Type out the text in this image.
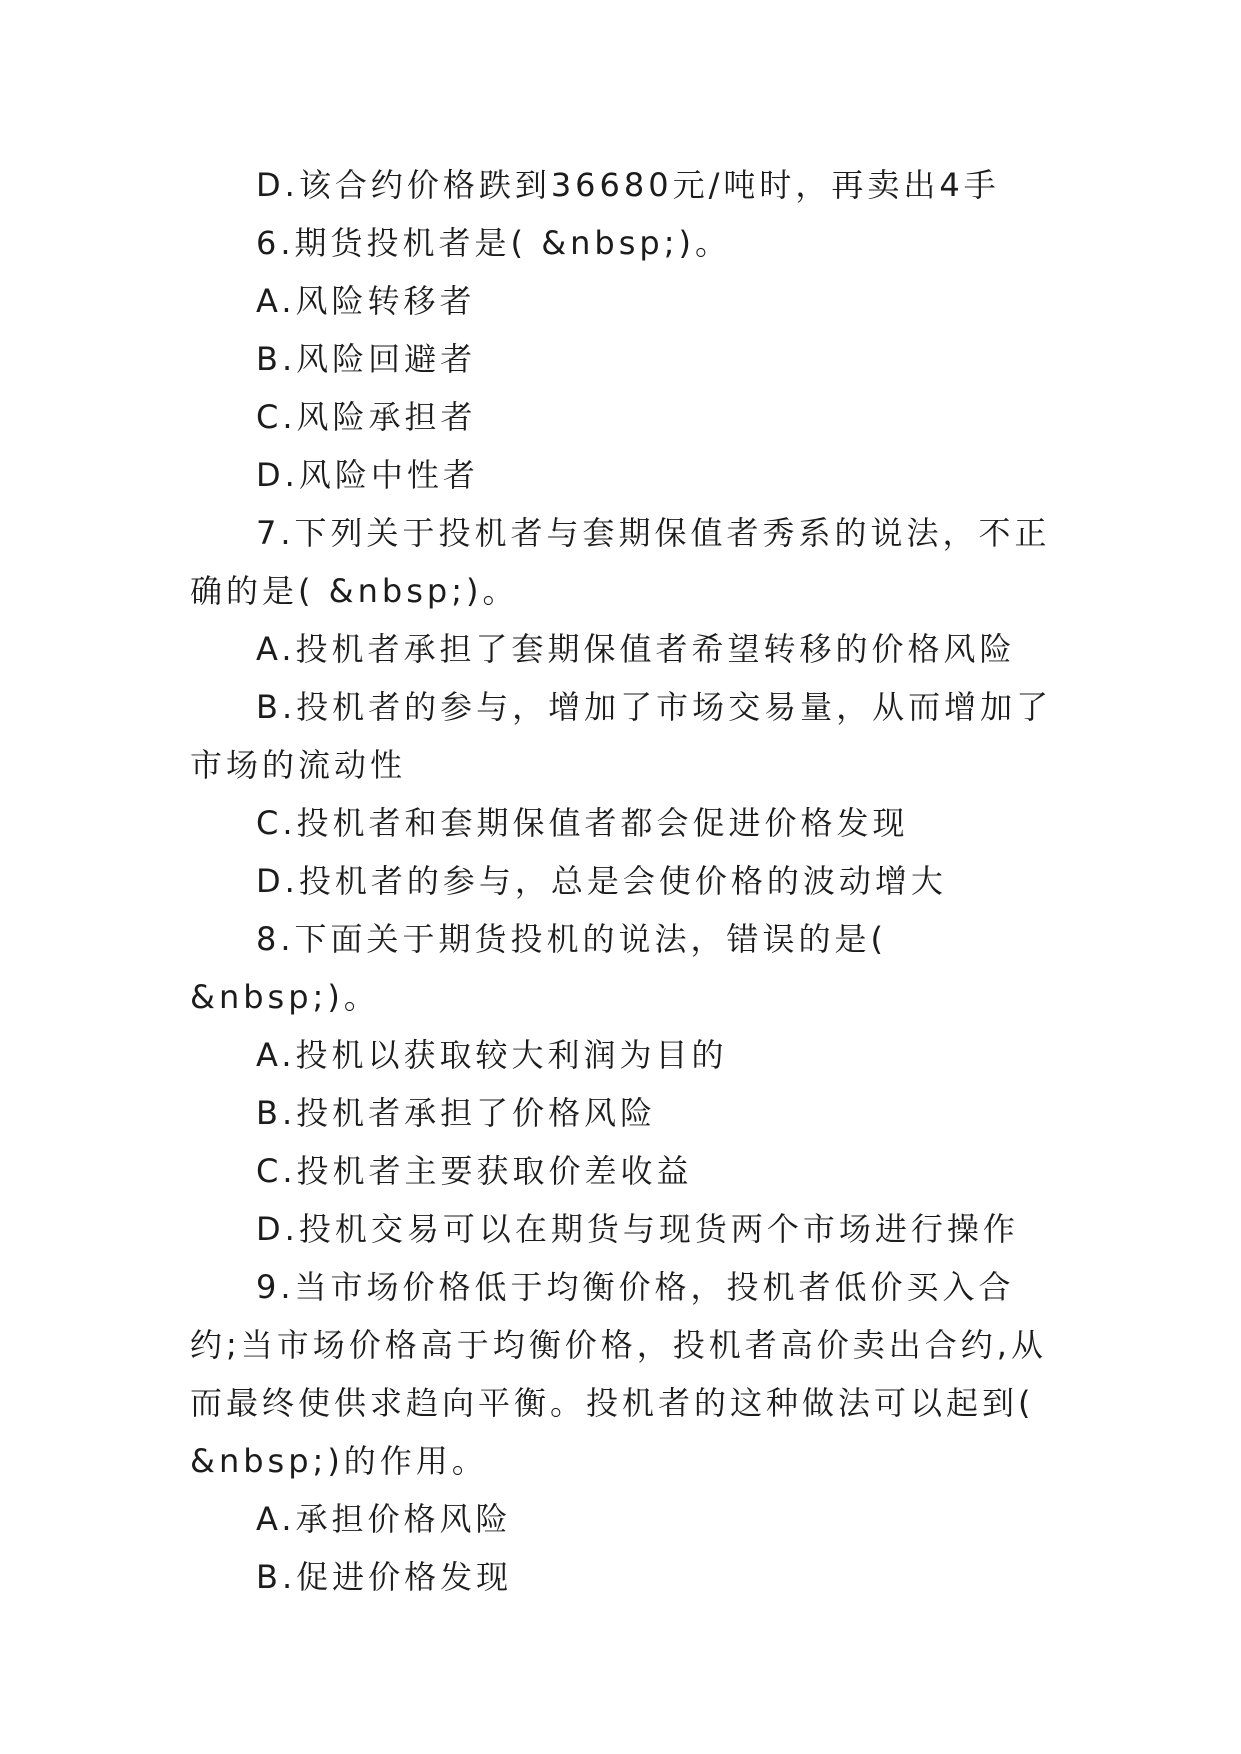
D.该合约价格跌到36680元/吨时，再卖出4手

6.期货投机者是( &nbsp;)。

A.风险转移者

B.风险回避者

C.风险承担者

D.风险中性者

7.下列关于投机者与套期保值者秀系的说法，不正确的是( &nbsp;)。

A.投机者承担了套期保值者希望转移的价格风险

B.投机者的参与，增加了市场交易量，从而增加了市场的流动性

C.投机者和套期保值者都会促进价格发现

D.投机者的参与，总是会使价格的波动增大

8.下面关于期货投机的说法，错误的是( &nbsp;)。

A.投机以获取较大利润为目的

B.投机者承担了价格风险

C.投机者主要获取价差收益

D.投机交易可以在期货与现货两个市场进行操作

9.当市场价格低于均衡价格，投机者低价买入合约;当市场价格高于均衡价格，投机者高价卖出合约,从而最终使供求趋向平衡。投机者的这种做法可以起到( &nbsp;)的作用。

A.承担价格风险

B.促进价格发现
